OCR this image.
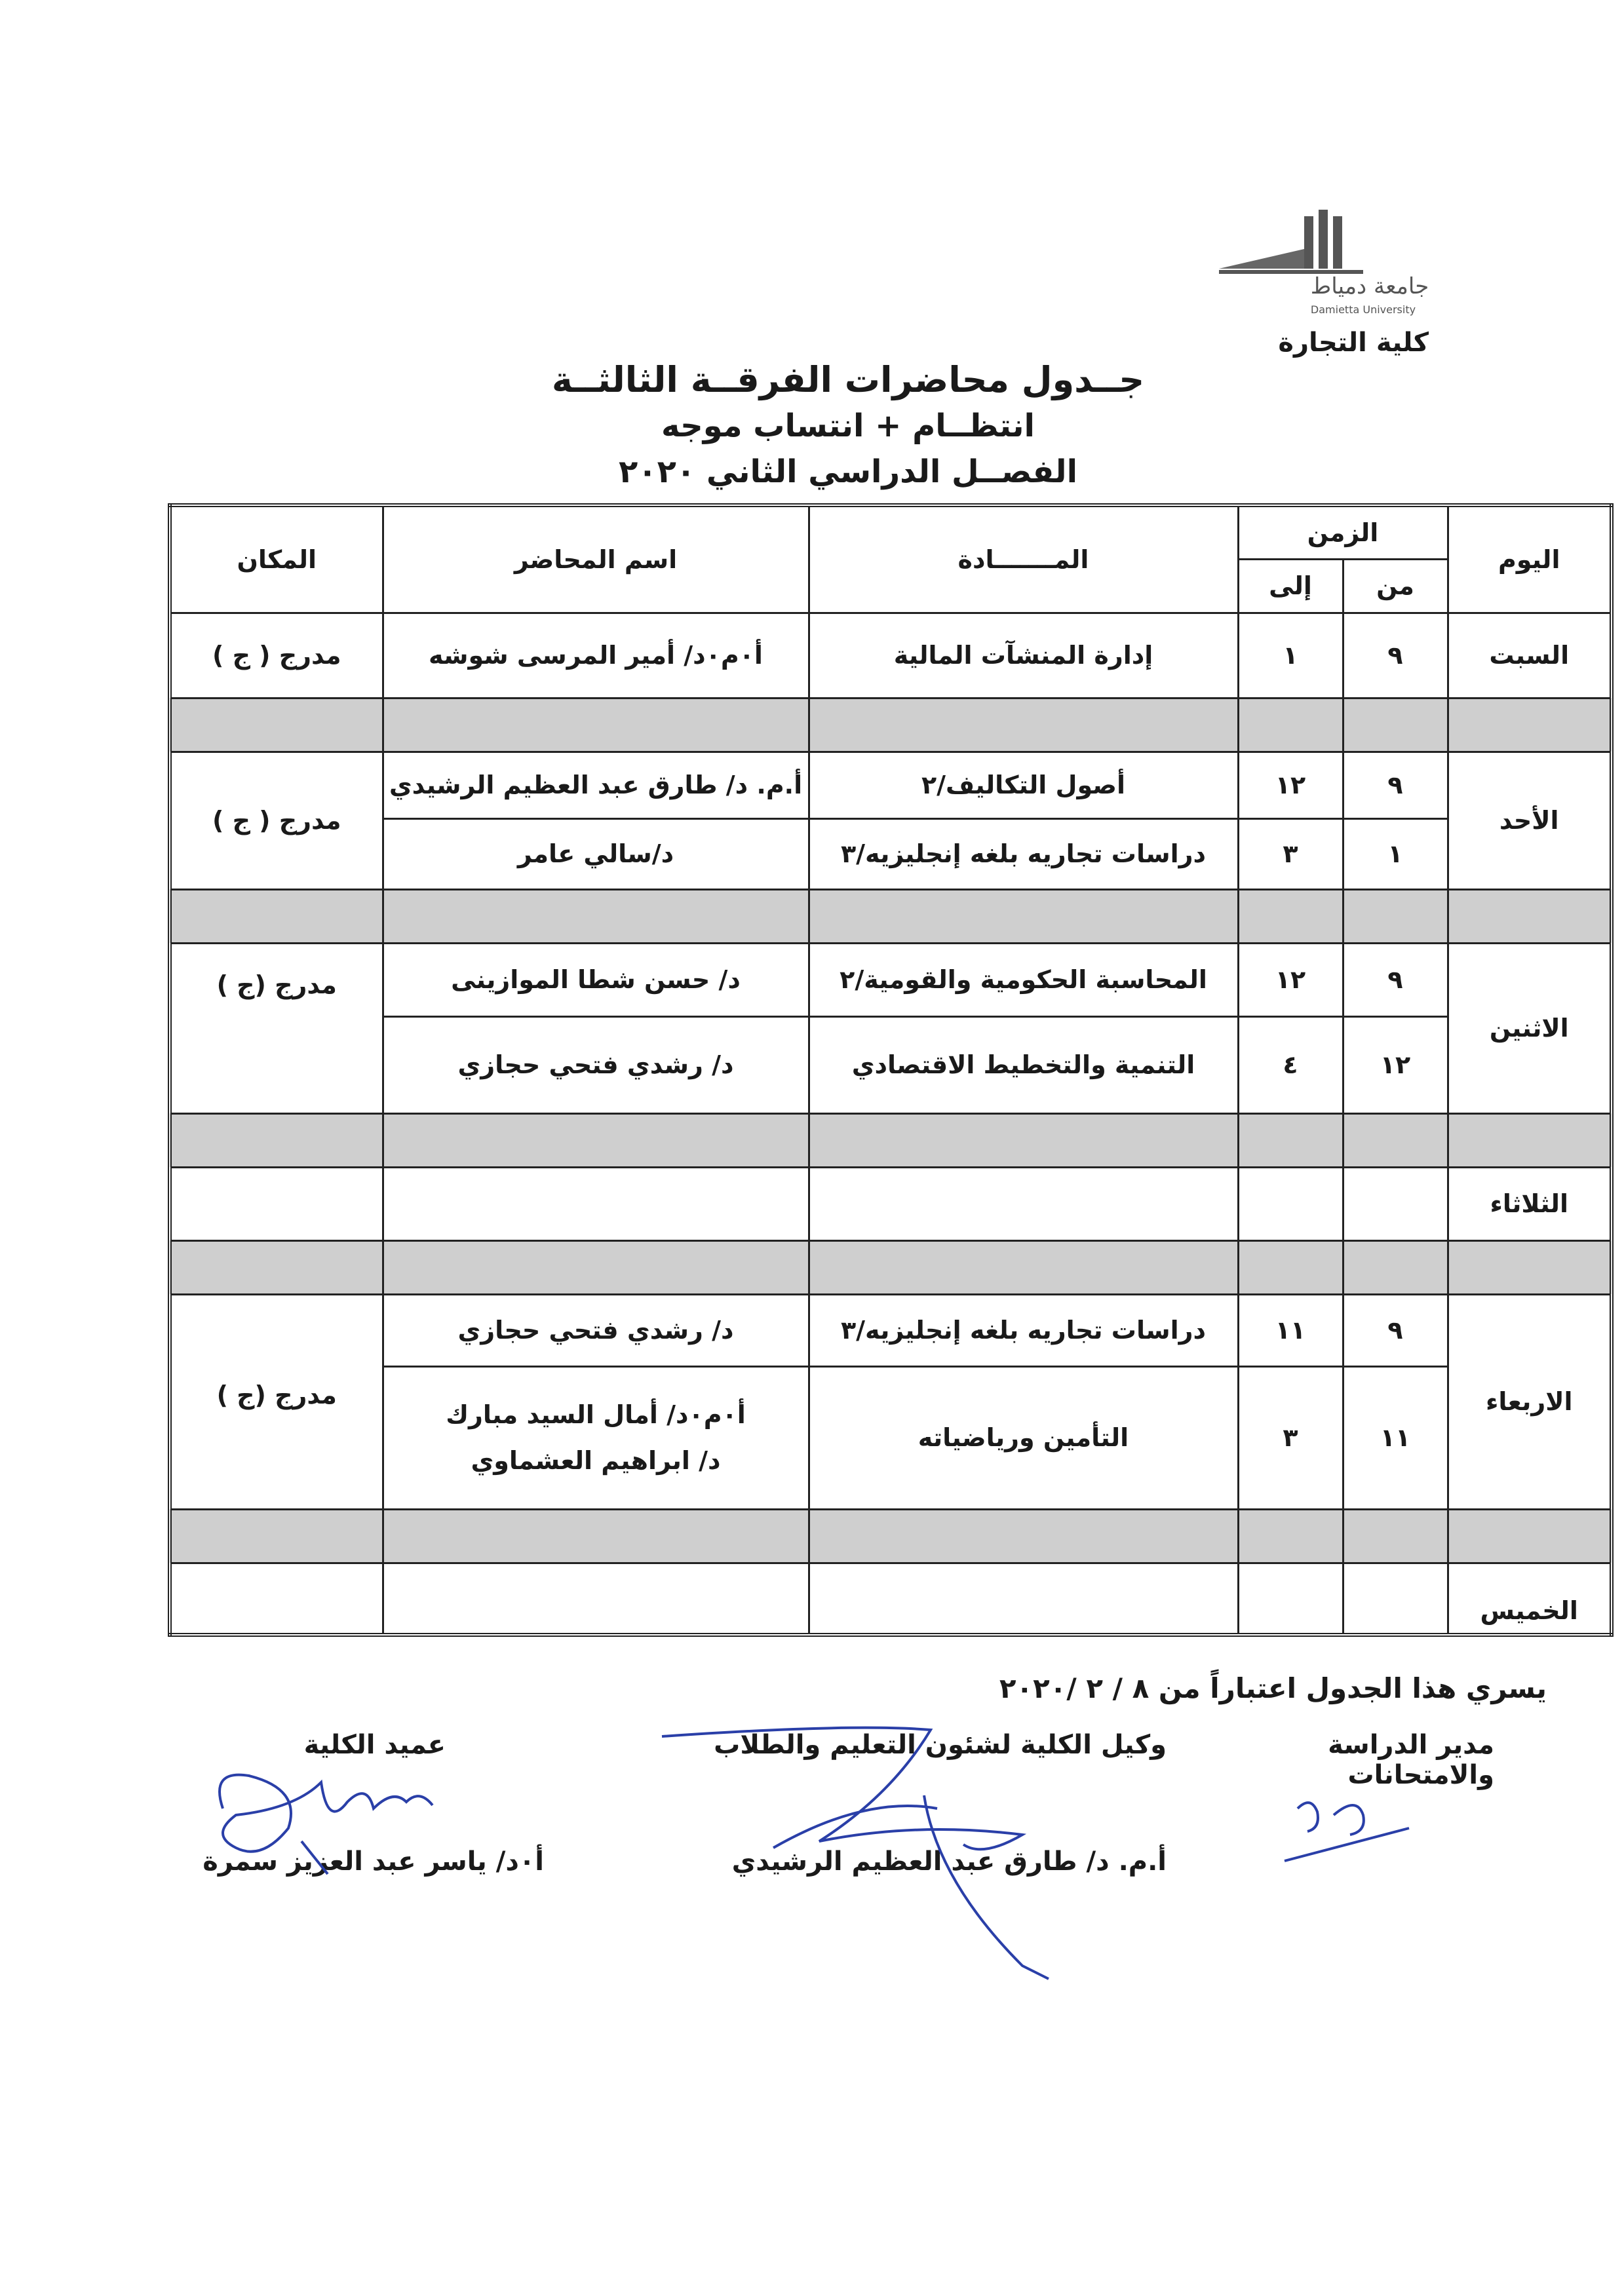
جامعة دمياط
Damietta University
كلية التجارة
جــدول محاضرات الفرقــة الثالثــة
انتظــام + انتساب موجه
الفصــل الدراسي الثاني ٢٠٢٠
اليوم	الزمن		المـــــــادة	اسم المحاضر	المكان
	من	إلى			
السبت	٩	١	إدارة المنشآت المالية	أ٠م٠د/ أمير المرسى شوشه	مدرج ( ج )

الأحد	٩	١٢	أصول التكاليف/٢	أ.م. د/ طارق عبد العظيم الرشيدي	مدرج ( ج )
	١	٣	دراسات تجاريه بلغه إنجليزيه/٣	د/سالي عامر	

الاثنين	٩	١٢	المحاسبة الحكومية والقومية/٢	د/ حسن شطا الموازينى	مدرج (ج )
	١٢	٤	التنمية والتخطيط الاقتصادي	د/ رشدي فتحي حجازي	

الثلاثاء					

الاربعاء	٩	١١	دراسات تجاريه بلغه إنجليزيه/٣	د/ رشدي فتحي حجازي	مدرج (ج )
	١١	٣	التأمين ورياضياته	أ٠م٠د/ أمال السيد مبارك
د/ ابراهيم العشماوي	

الخميس					
يسري هذا الجدول اعتباراً من ٨ / ٢ /٢٠٢٠
مدير الدراسة والامتحانات
وكيل الكلية لشئون التعليم والطلاب
عميد الكلية
أ.م. د/ طارق عبد العظيم الرشيدي
أ٠د/ ياسر عبد العزيز سمرة
